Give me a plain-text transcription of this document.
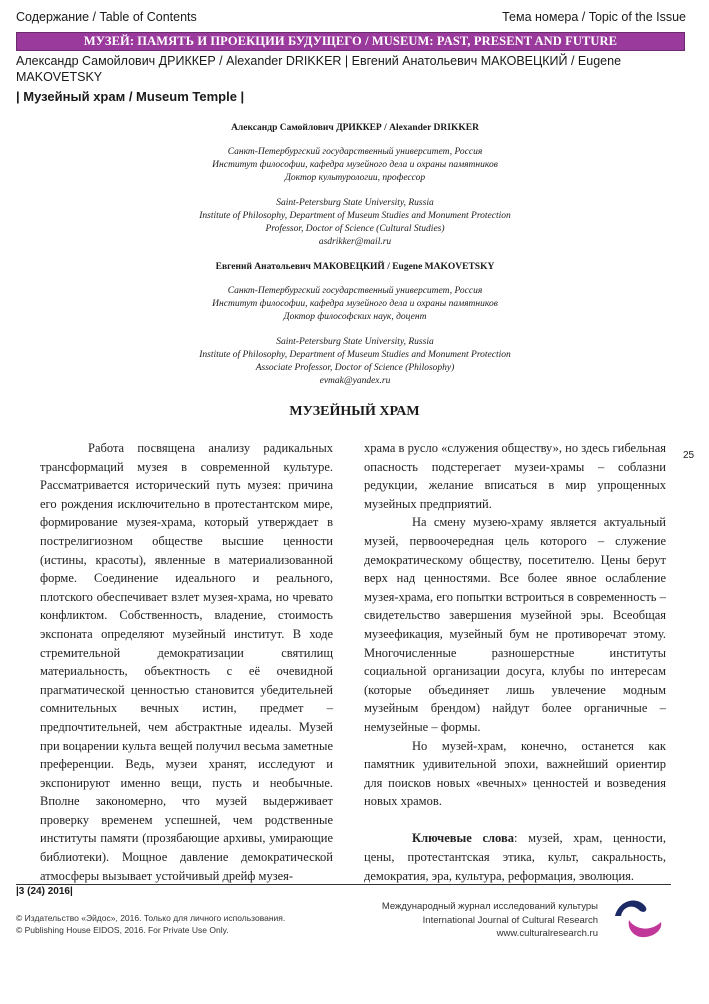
Содержание / Table of Contents	Тема номера / Topic of the Issue
МУЗЕЙ: ПАМЯТЬ И ПРОЕКЦИИ БУДУЩЕГО / MUSEUM: PAST, PRESENT AND FUTURE
Александр Самойлович ДРИККЕР / Alexander DRIKKER | Евгений Анатольевич МАКОВЕЦКИЙ / Eugene MAKOVETSKY
| Музейный храм / Museum Temple |
Александр Самойлович ДРИККЕР / Alexander DRIKKER
Санкт-Петербургский государственный университет, Россия
Институт философии, кафедра музейного дела и охраны памятников
Доктор культурологии, профессор
Saint-Petersburg State University, Russia
Institute of Philosophy, Department of Museum Studies and Monument Protection
Professor, Doctor of Science (Cultural Studies)
asdrikker@mail.ru
Евгений Анатольевич МАКОВЕЦКИЙ / Eugene MAKOVETSKY
Санкт-Петербургский государственный университет, Россия
Институт философии, кафедра музейного дела и охраны памятников
Доктор философских наук, доцент
Saint-Petersburg State University, Russia
Institute of Philosophy, Department of Museum Studies and Monument Protection
Associate Professor, Doctor of Science (Philosophy)
evmak@yandex.ru
МУЗЕЙНЫЙ ХРАМ

Работа посвящена анализу радикальных трансформаций музея в современной культуре. Рассматривается исторический путь музея: причина его рождения исключительно в протестантском мире, формирование музея-храма, который утверждает в пострелигиозном обществе высшие ценности (истины, красоты), явленные в материализованной форме. Соединение идеального и реального, плотского обеспечивает взлет музея-храма, но чревато конфликтом. Собственность, владение, стоимость экспоната определяют музейный институт. В ходе стремительной демократизации святилищ материальность, объектность с её очевидной прагматической ценностью становится убедительней сомнительных вечных истин, предмет – предпочтительней, чем абстрактные идеалы. Музей при воцарении культа вещей получил весьма заметные преференции. Ведь, музеи хранят, исследуют и экспонируют именно вещи, пусть и необычные. Вполне закономерно, что музей выдерживает проверку временем успешней, чем родственные институты памяти (прозябающие архивы, умирающие библиотеки). Мощное давление демократической атмосферы вызывает устойчивый дрейф музея-

храма в русло «служения обществу», но здесь гибельная опасность подстерегает музеи-храмы – соблазни редукции, желание вписаться в мир упрощенных музейных предприятий.

На смену музею-храму является актуальный музей, первоочередная цель которого – служение демократическому обществу, посетителю. Цены берут верх над ценностями. Все более явное ослабление музея-храма, его попытки встроиться в современность – свидетельство завершения музейной эры. Всеобщая музеефикация, музейный бум не противоречат этому. Многочисленные разношерстные институты социальной организации досуга, клубы по интересам (которые объединяет лишь увлечение модным музейным брендом) найдут более органичные – немузейные – формы.

Но музей-храм, конечно, останется как памятник удивительной эпохи, важнейший ориентир для поисков новых «вечных» ценностей и возведения новых храмов.

Ключевые слова: музей, храм, ценности, цены, протестантская этика, культ, сакральность, демократия, эра, культура, реформация, эволюция.

25
|3 (24) 2016|
© Издательство «Эйдос», 2016. Только для личного использования.
© Publishing House EIDOS, 2016. For Private Use Only.
Международный журнал исследований культуры
International Journal of Cultural Research
www.culturalresearch.ru
